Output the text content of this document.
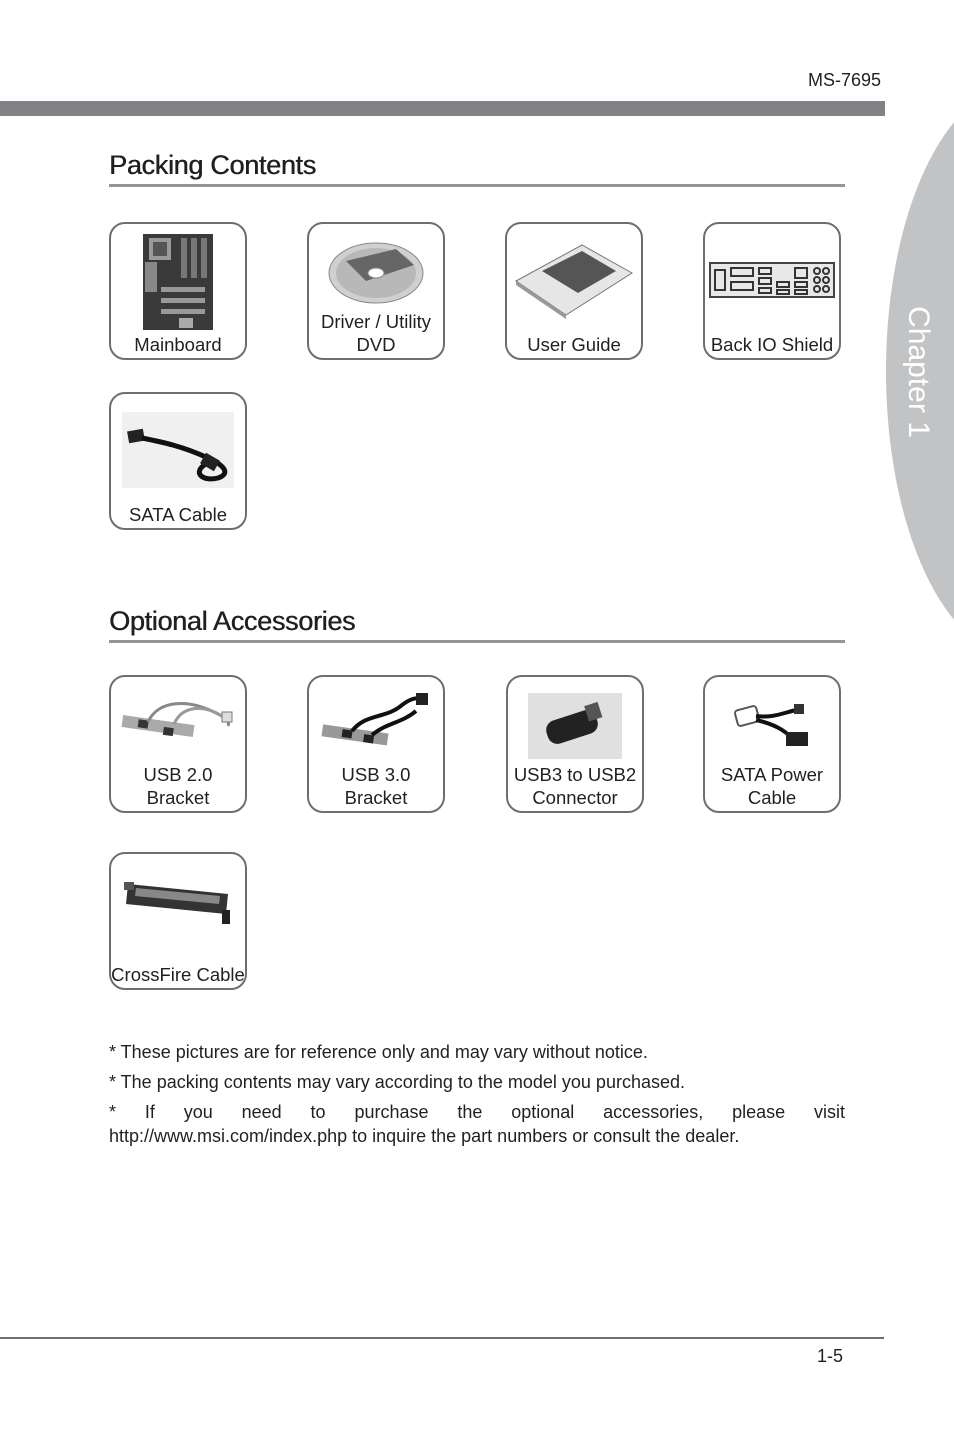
MS-7695
Chapter 1
Packing Contents
Mainboard
Driver / Utility DVD	User Guide	Back IO Shield
SATA Cable
Optional Accessories
USB 2.0 Bracket
USB 3.0 Bracket
USB3 to USB2 Connector
SATA Power Cable
CrossFire Cable

* These pictures are for reference only and may vary without notice.

* The packing contents may vary according to the model you purchased.

* If you need to purchase the optional accessories, please visit http://www.msi.com/index.php to inquire the part numbers or consult the dealer.

1-5
